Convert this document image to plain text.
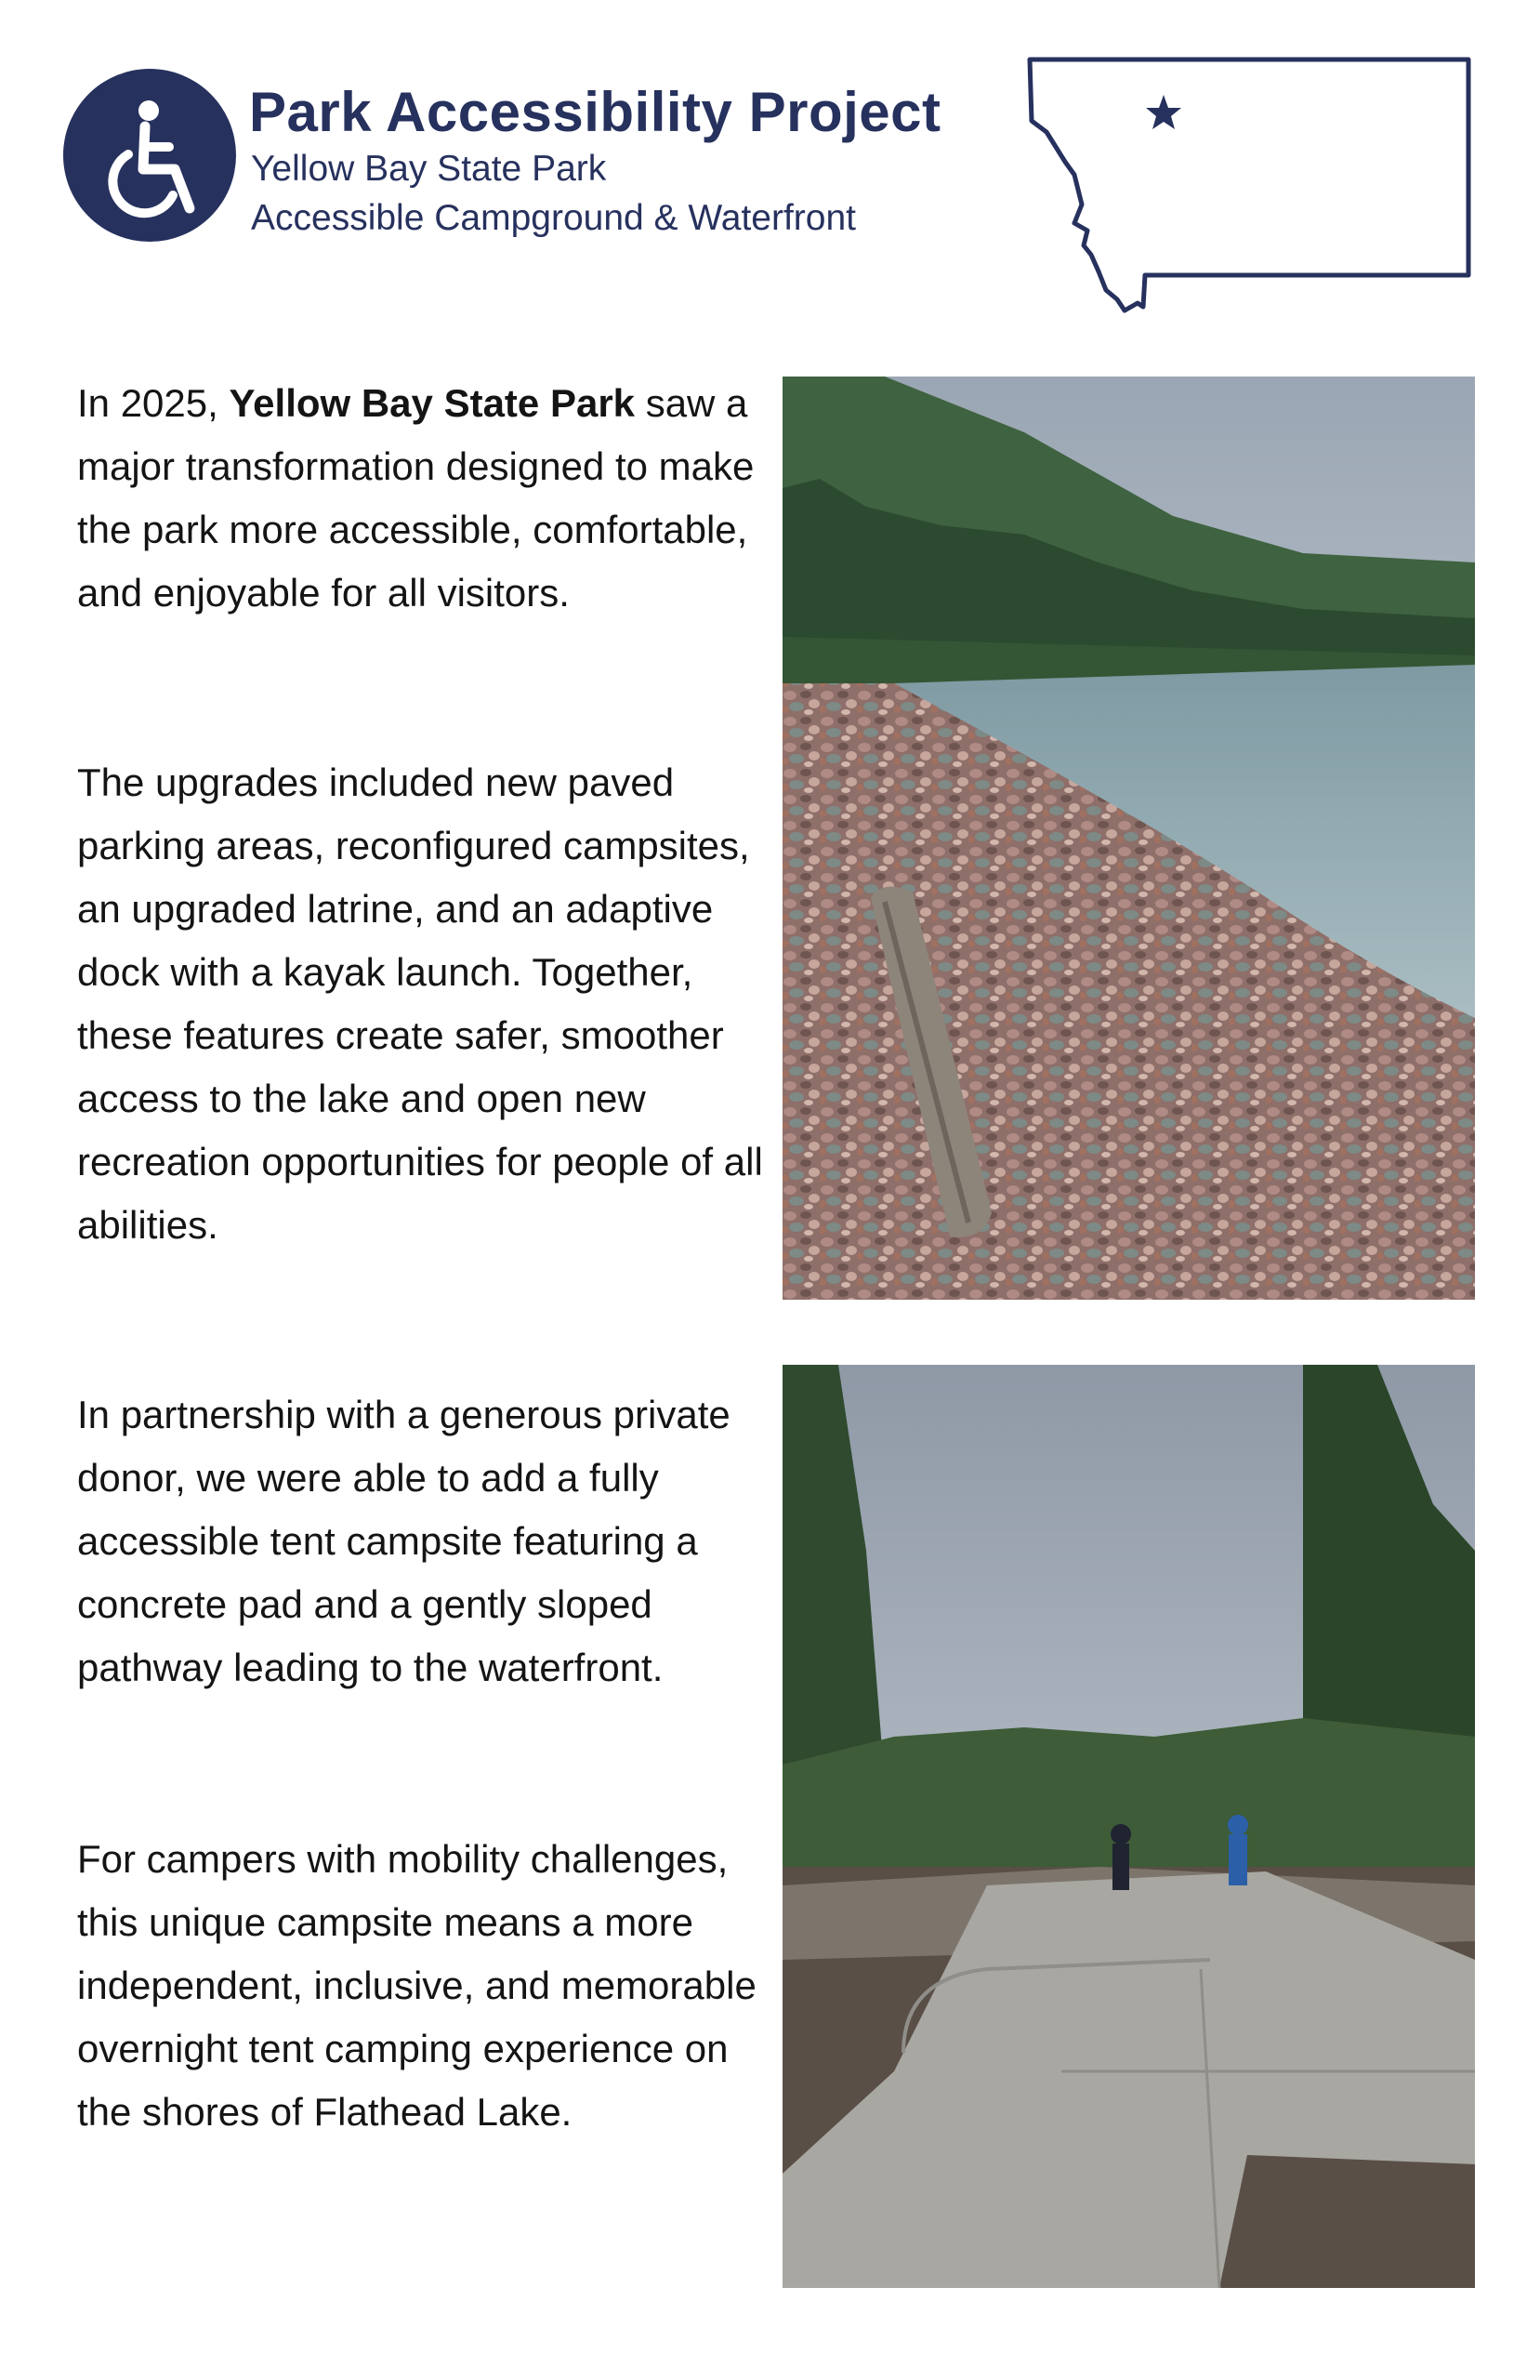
Park Accessibility Project
Yellow Bay State Park
Accessible Campground & Waterfront
In 2025, Yellow Bay State Park saw a major transformation designed to make the park more accessible, comfortable, and enjoyable for all visitors.
The upgrades included new paved parking areas, reconfigured campsites, an upgraded latrine, and an adaptive dock with a kayak launch. Together, these features create safer, smoother access to the lake and open new recreation opportunities for people of all abilities.
In partnership with a generous private donor, we were able to add a fully accessible tent campsite featuring a concrete pad and a gently sloped pathway leading to the waterfront.
For campers with mobility challenges, this unique campsite means a more independent, inclusive, and memorable overnight tent camping experience on the shores of Flathead Lake.
